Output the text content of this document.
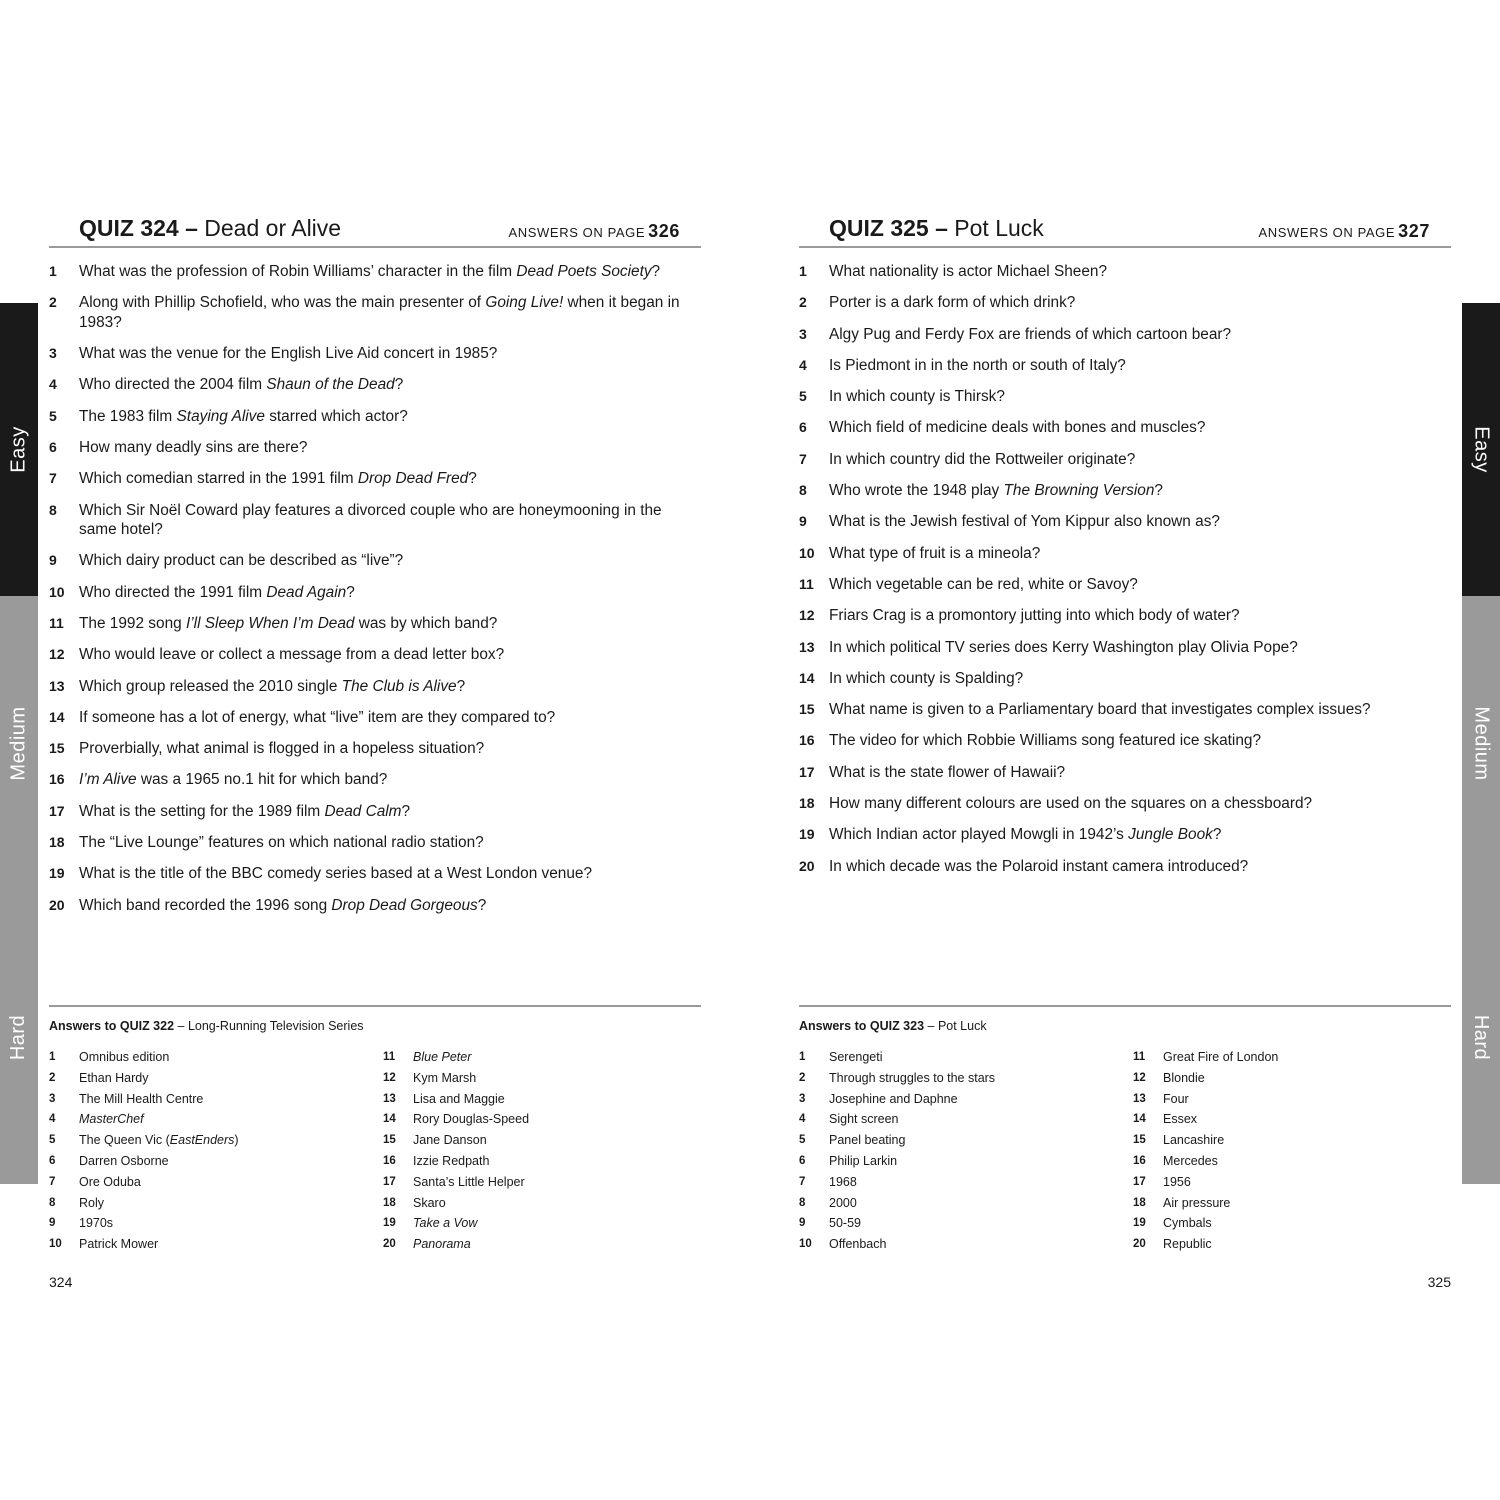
Easy
Medium
Hard
QUIZ 324 – Dead or Alive	ANSWERS ON PAGE 326
1	What was the profession of Robin Williams’ character in the film Dead Poets Society?
2	Along with Phillip Schofield, who was the main presenter of Going Live! when it began in 1983?
3	What was the venue for the English Live Aid concert in 1985?
4	Who directed the 2004 film Shaun of the Dead?
5	The 1983 film Staying Alive starred which actor?
6	How many deadly sins are there?
7	Which comedian starred in the 1991 film Drop Dead Fred?
8	Which Sir Noël Coward play features a divorced couple who are honeymooning in the same hotel?
9	Which dairy product can be described as “live”?
10 Who directed the 1991 film Dead Again?
11 The 1992 song I’ll Sleep When I’m Dead was by which band?
12 Who would leave or collect a message from a dead letter box?
13 Which group released the 2010 single The Club is Alive?
14 If someone has a lot of energy, what “live” item are they compared to?
15 Proverbially, what animal is flogged in a hopeless situation?
16 I’m Alive was a 1965 no.1 hit for which band?
17 What is the setting for the 1989 film Dead Calm?
18 The “Live Lounge” features on which national radio station?
19 What is the title of the BBC comedy series based at a West London venue?
20 Which band recorded the 1996 song Drop Dead Gorgeous?
Answers to QUIZ 322 – Long-Running Television Series
1	Omnibus edition
2	Ethan Hardy
3	The Mill Health Centre
4	MasterChef
5	The Queen Vic (EastEnders)
6	Darren Osborne
7	Ore Oduba
8	Roly
9	1970s
10	Patrick Mower
11	Blue Peter
12	Kym Marsh
13	Lisa and Maggie
14	Rory Douglas-Speed
15	Jane Danson
16	Izzie Redpath
17	Santa’s Little Helper
18	Skaro
19	Take a Vow
20	Panorama
324
Easy
Medium
Hard
QUIZ 325 – Pot Luck	ANSWERS ON PAGE 327
1	What nationality is actor Michael Sheen?
2	Porter is a dark form of which drink?
3	Algy Pug and Ferdy Fox are friends of which cartoon bear?
4	Is Piedmont in in the north or south of Italy?
5	In which county is Thirsk?
6	Which field of medicine deals with bones and muscles?
7	In which country did the Rottweiler originate?
8	Who wrote the 1948 play The Browning Version?
9	What is the Jewish festival of Yom Kippur also known as?
10 What type of fruit is a mineola?
11 Which vegetable can be red, white or Savoy?
12 Friars Crag is a promontory jutting into which body of water?
13 In which political TV series does Kerry Washington play Olivia Pope?
14 In which county is Spalding?
15 What name is given to a Parliamentary board that investigates complex issues?
16 The video for which Robbie Williams song featured ice skating?
17 What is the state flower of Hawaii?
18 How many different colours are used on the squares on a chessboard?
19 Which Indian actor played Mowgli in 1942’s Jungle Book?
20 In which decade was the Polaroid instant camera introduced?
Answers to QUIZ 323 – Pot Luck
1	Serengeti
2	Through struggles to the stars
3	Josephine and Daphne
4	Sight screen
5	Panel beating
6	Philip Larkin
7	1968
8	2000
9	50-59
10	Offenbach
11	Great Fire of London
12	Blondie
13	Four
14	Essex
15	Lancashire
16	Mercedes
17	1956
18	Air pressure
19	Cymbals
20	Republic
325
